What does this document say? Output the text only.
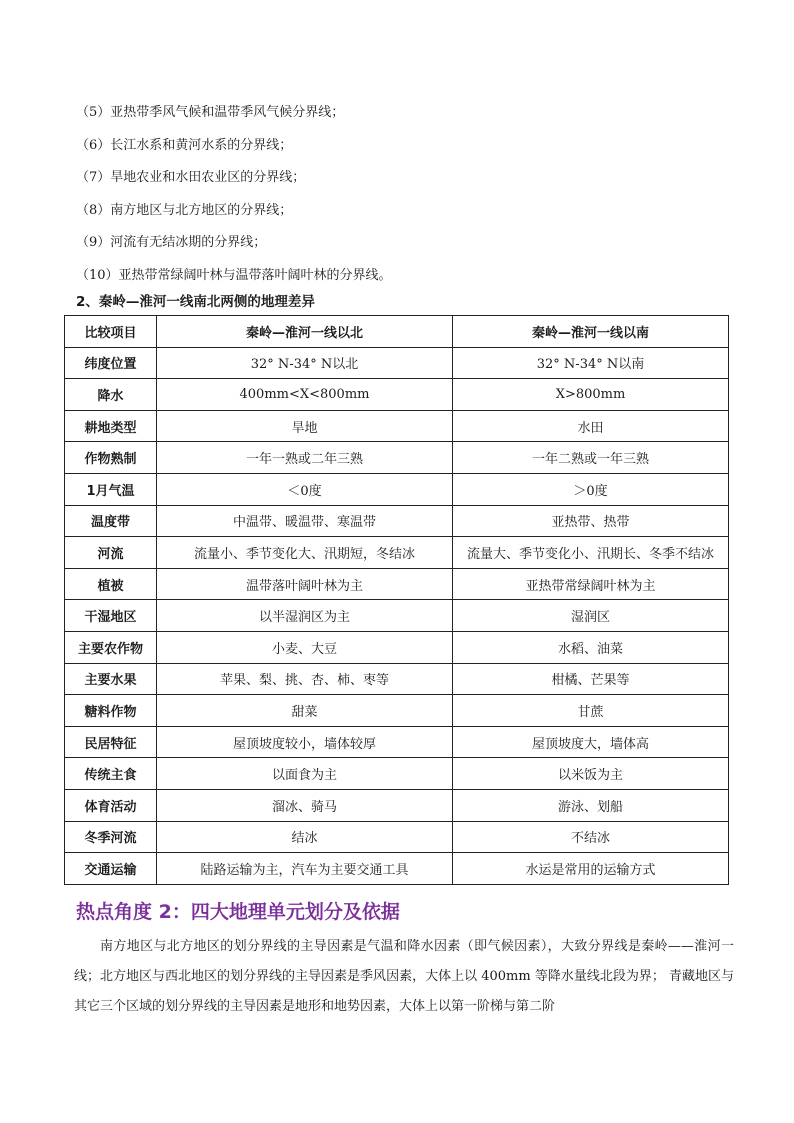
（5）亚热带季风气候和温带季风气候分界线；
（6）长江水系和黄河水系的分界线；
（7）旱地农业和水田农业区的分界线；
（8）南方地区与北方地区的分界线；
（9）河流有无结冰期的分界线；
（10）亚热带常绿阔叶林与温带落叶阔叶林的分界线。
2、秦岭—淮河一线南北两侧的地理差异
比较项目	秦岭—淮河一线以北	秦岭—淮河一线以南
纬度位置	32° N-34° N以北	32° N-34° N以南
降水	400mm<X<800mm	X>800mm
耕地类型	旱地	水田
作物熟制	一年一熟或二年三熟	一年二熟或一年三熟
1月气温	＜0度	＞0度
温度带	中温带、暖温带、寒温带	亚热带、热带
河流	流量小、季节变化大、汛期短，冬结冰	流量大、季节变化小、汛期长、冬季不结冰
植被	温带落叶阔叶林为主	亚热带常绿阔叶林为主
干湿地区	以半湿润区为主	湿润区
主要农作物	小麦、大豆	水稻、油菜
主要水果	苹果、梨、挑、杏、柿、枣等	柑橘、芒果等
糖料作物	甜菜	甘蔗
民居特征	屋顶坡度较小，墙体较厚	屋顶坡度大，墙体高
传统主食	以面食为主	以米饭为主
体育活动	溜冰、骑马	游泳、划船
冬季河流	结冰	不结冰
交通运输	陆路运输为主，汽车为主要交通工具	水运是常用的运输方式
热点角度 2：四大地理单元划分及依据

南方地区与北方地区的划分界线的主导因素是气温和降水因素（即气候因素），大致分界线是秦岭——淮河一线；北方地区与西北地区的划分界线的主导因素是季风因素，大体上以 400mm 等降水量线北段为界； 青藏地区与其它三个区域的划分界线的主导因素是地形和地势因素，大体上以第一阶梯与第二阶
